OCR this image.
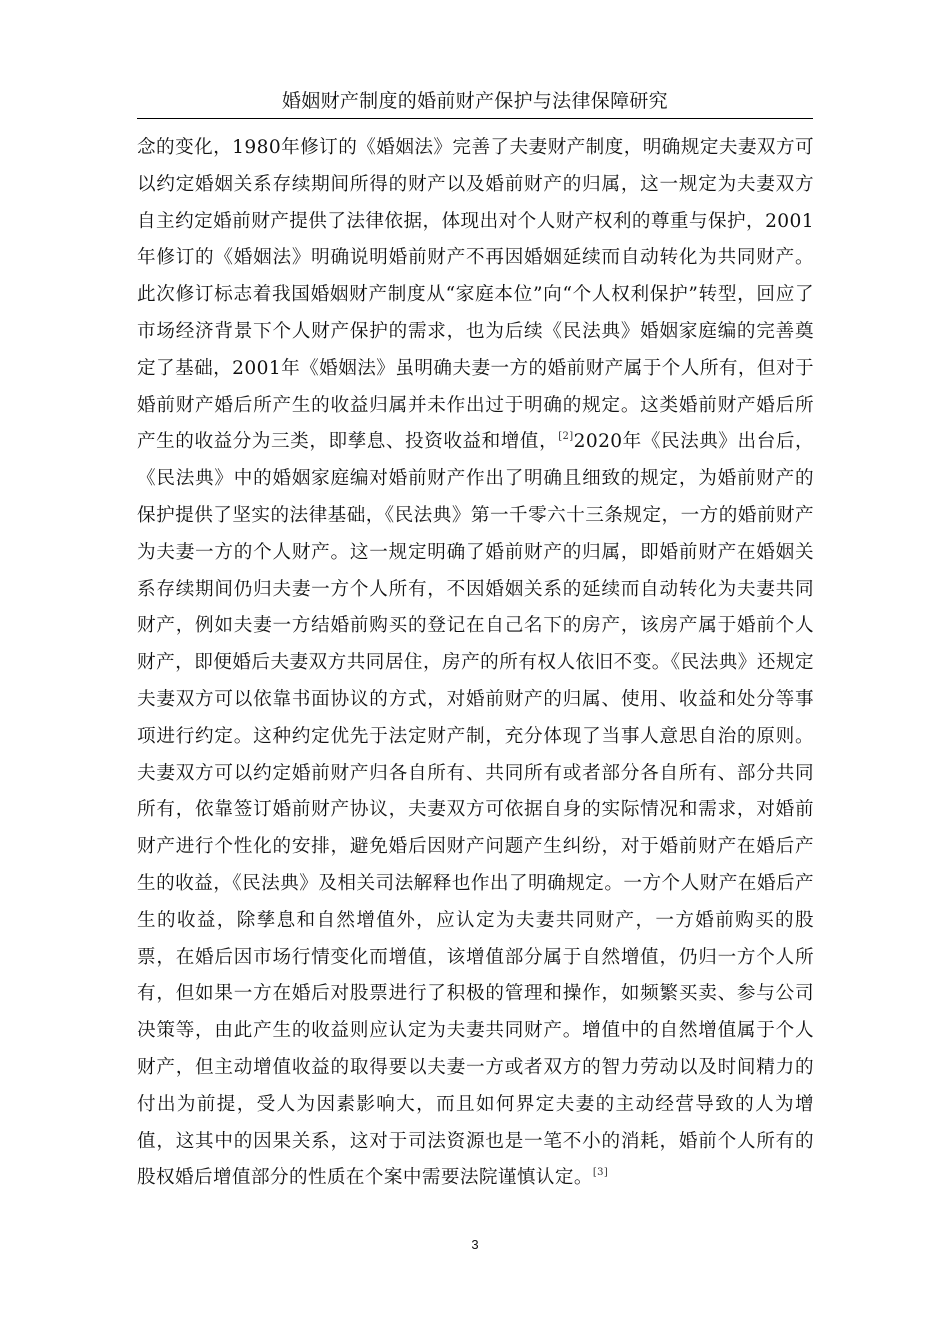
婚姻财产制度的婚前财产保护与法律保障研究

念的变化，1980年修订的《婚姻法》完善了夫妻财产制度，明确规定夫妻双方可以约定婚姻关系存续期间所得的财产以及婚前财产的归属，这一规定为夫妻双方自主约定婚前财产提供了法律依据，体现出对个人财产权利的尊重与保护，2001年修订的《婚姻法》明确说明婚前财产不再因婚姻延续而自动转化为共同财产。此次修订标志着我国婚姻财产制度从“家庭本位”向“个人权利保护”转型，回应了市场经济背景下个人财产保护的需求，也为后续《民法典》婚姻家庭编的完善奠定了基础，2001年《婚姻法》虽明确夫妻一方的婚前财产属于个人所有，但对于婚前财产婚后所产生的收益归属并未作出过于明确的规定。这类婚前财产婚后所产生的收益分为三类，即孳息、投资收益和增值，[2]2020年《民法典》出台后，《民法典》中的婚姻家庭编对婚前财产作出了明确且细致的规定，为婚前财产的保护提供了坚实的法律基础，《民法典》第一千零六十三条规定，一方的婚前财产为夫妻一方的个人财产。这一规定明确了婚前财产的归属，即婚前财产在婚姻关系存续期间仍归夫妻一方个人所有，不因婚姻关系的延续而自动转化为夫妻共同财产，例如夫妻一方结婚前购买的登记在自己名下的房产，该房产属于婚前个人财产，即便婚后夫妻双方共同居住，房产的所有权人依旧不变。《民法典》还规定夫妻双方可以依靠书面协议的方式，对婚前财产的归属、使用、收益和处分等事项进行约定。这种约定优先于法定财产制，充分体现了当事人意思自治的原则。夫妻双方可以约定婚前财产归各自所有、共同所有或者部分各自所有、部分共同所有，依靠签订婚前财产协议，夫妻双方可依据自身的实际情况和需求，对婚前财产进行个性化的安排，避免婚后因财产问题产生纠纷，对于婚前财产在婚后产生的收益，《民法典》及相关司法解释也作出了明确规定。一方个人财产在婚后产生的收益，除孳息和自然增值外，应认定为夫妻共同财产，一方婚前购买的股票，在婚后因市场行情变化而增值，该增值部分属于自然增值，仍归一方个人所有，但如果一方在婚后对股票进行了积极的管理和操作，如频繁买卖、参与公司决策等，由此产生的收益则应认定为夫妻共同财产。增值中的自然增值属于个人财产，但主动增值收益的取得要以夫妻一方或者双方的智力劳动以及时间精力的付出为前提，受人为因素影响大，而且如何界定夫妻的主动经营导致的人为增值，这其中的因果关系，这对于司法资源也是一笔不小的消耗，婚前个人所有的股权婚后增值部分的性质在个案中需要法院谨慎认定。[3]

3
